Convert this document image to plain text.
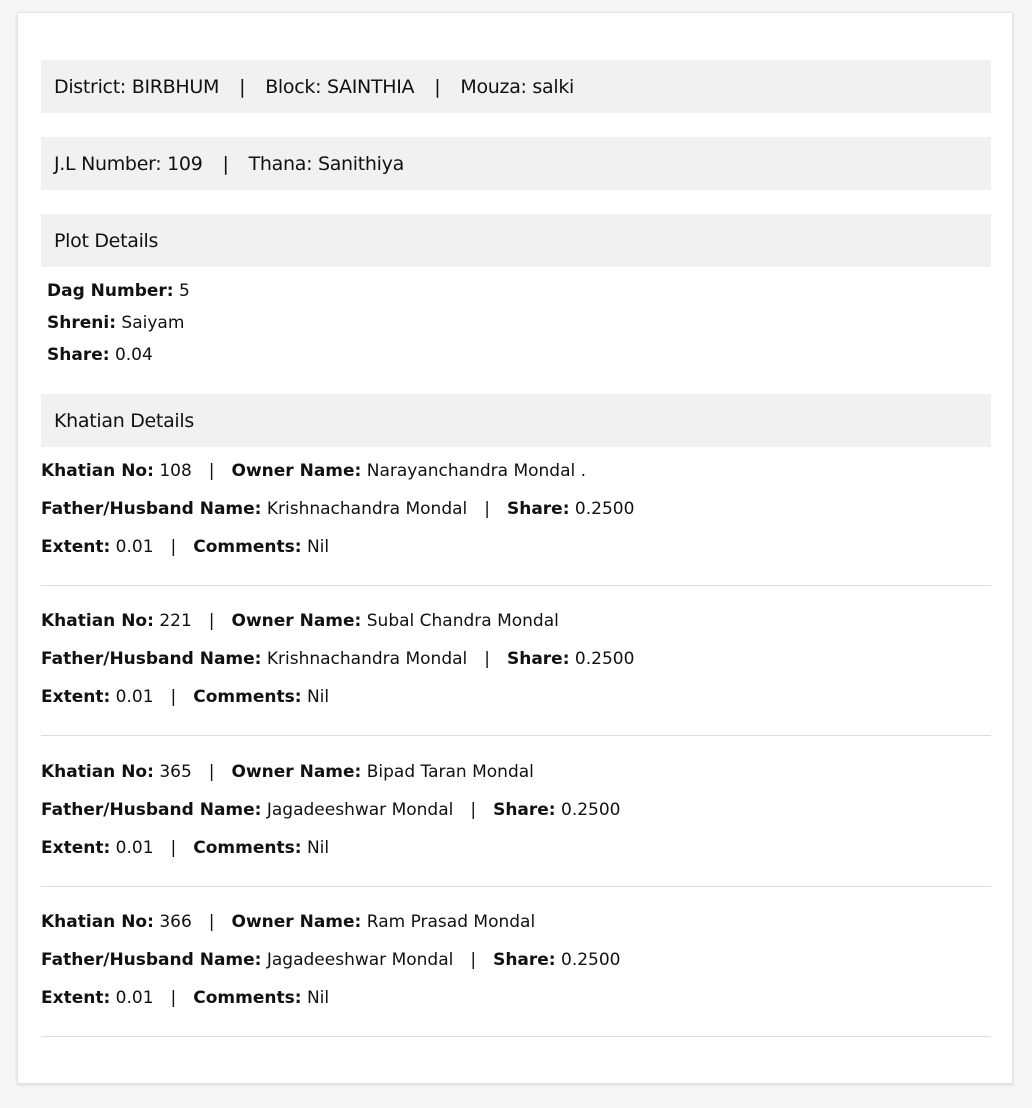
District:
BIRBHUM | Block:
SAINTHIA | Mouza:
salki
J.L Number:
109 | Thana:
Sanithiya
Plot Details
Dag Number: 5
Shreni: Saiyam
Share: 0.04
Khatian Details
Khatian No: 108 | Owner Name: Narayanchandra Mondal .
Father/Husband Name: Krishnachandra Mondal | Share: 0.2500
Extent: 0.01 | Comments: Nil
Khatian No: 221 | Owner Name: Subal Chandra Mondal
Father/Husband Name: Krishnachandra Mondal | Share: 0.2500
Extent: 0.01 | Comments: Nil
Khatian No: 365 | Owner Name: Bipad Taran Mondal
Father/Husband Name: Jagadeeshwar Mondal | Share: 0.2500
Extent: 0.01 | Comments: Nil
Khatian No: 366 | Owner Name: Ram Prasad Mondal
Father/Husband Name: Jagadeeshwar Mondal | Share: 0.2500
Extent: 0.01 | Comments: Nil
